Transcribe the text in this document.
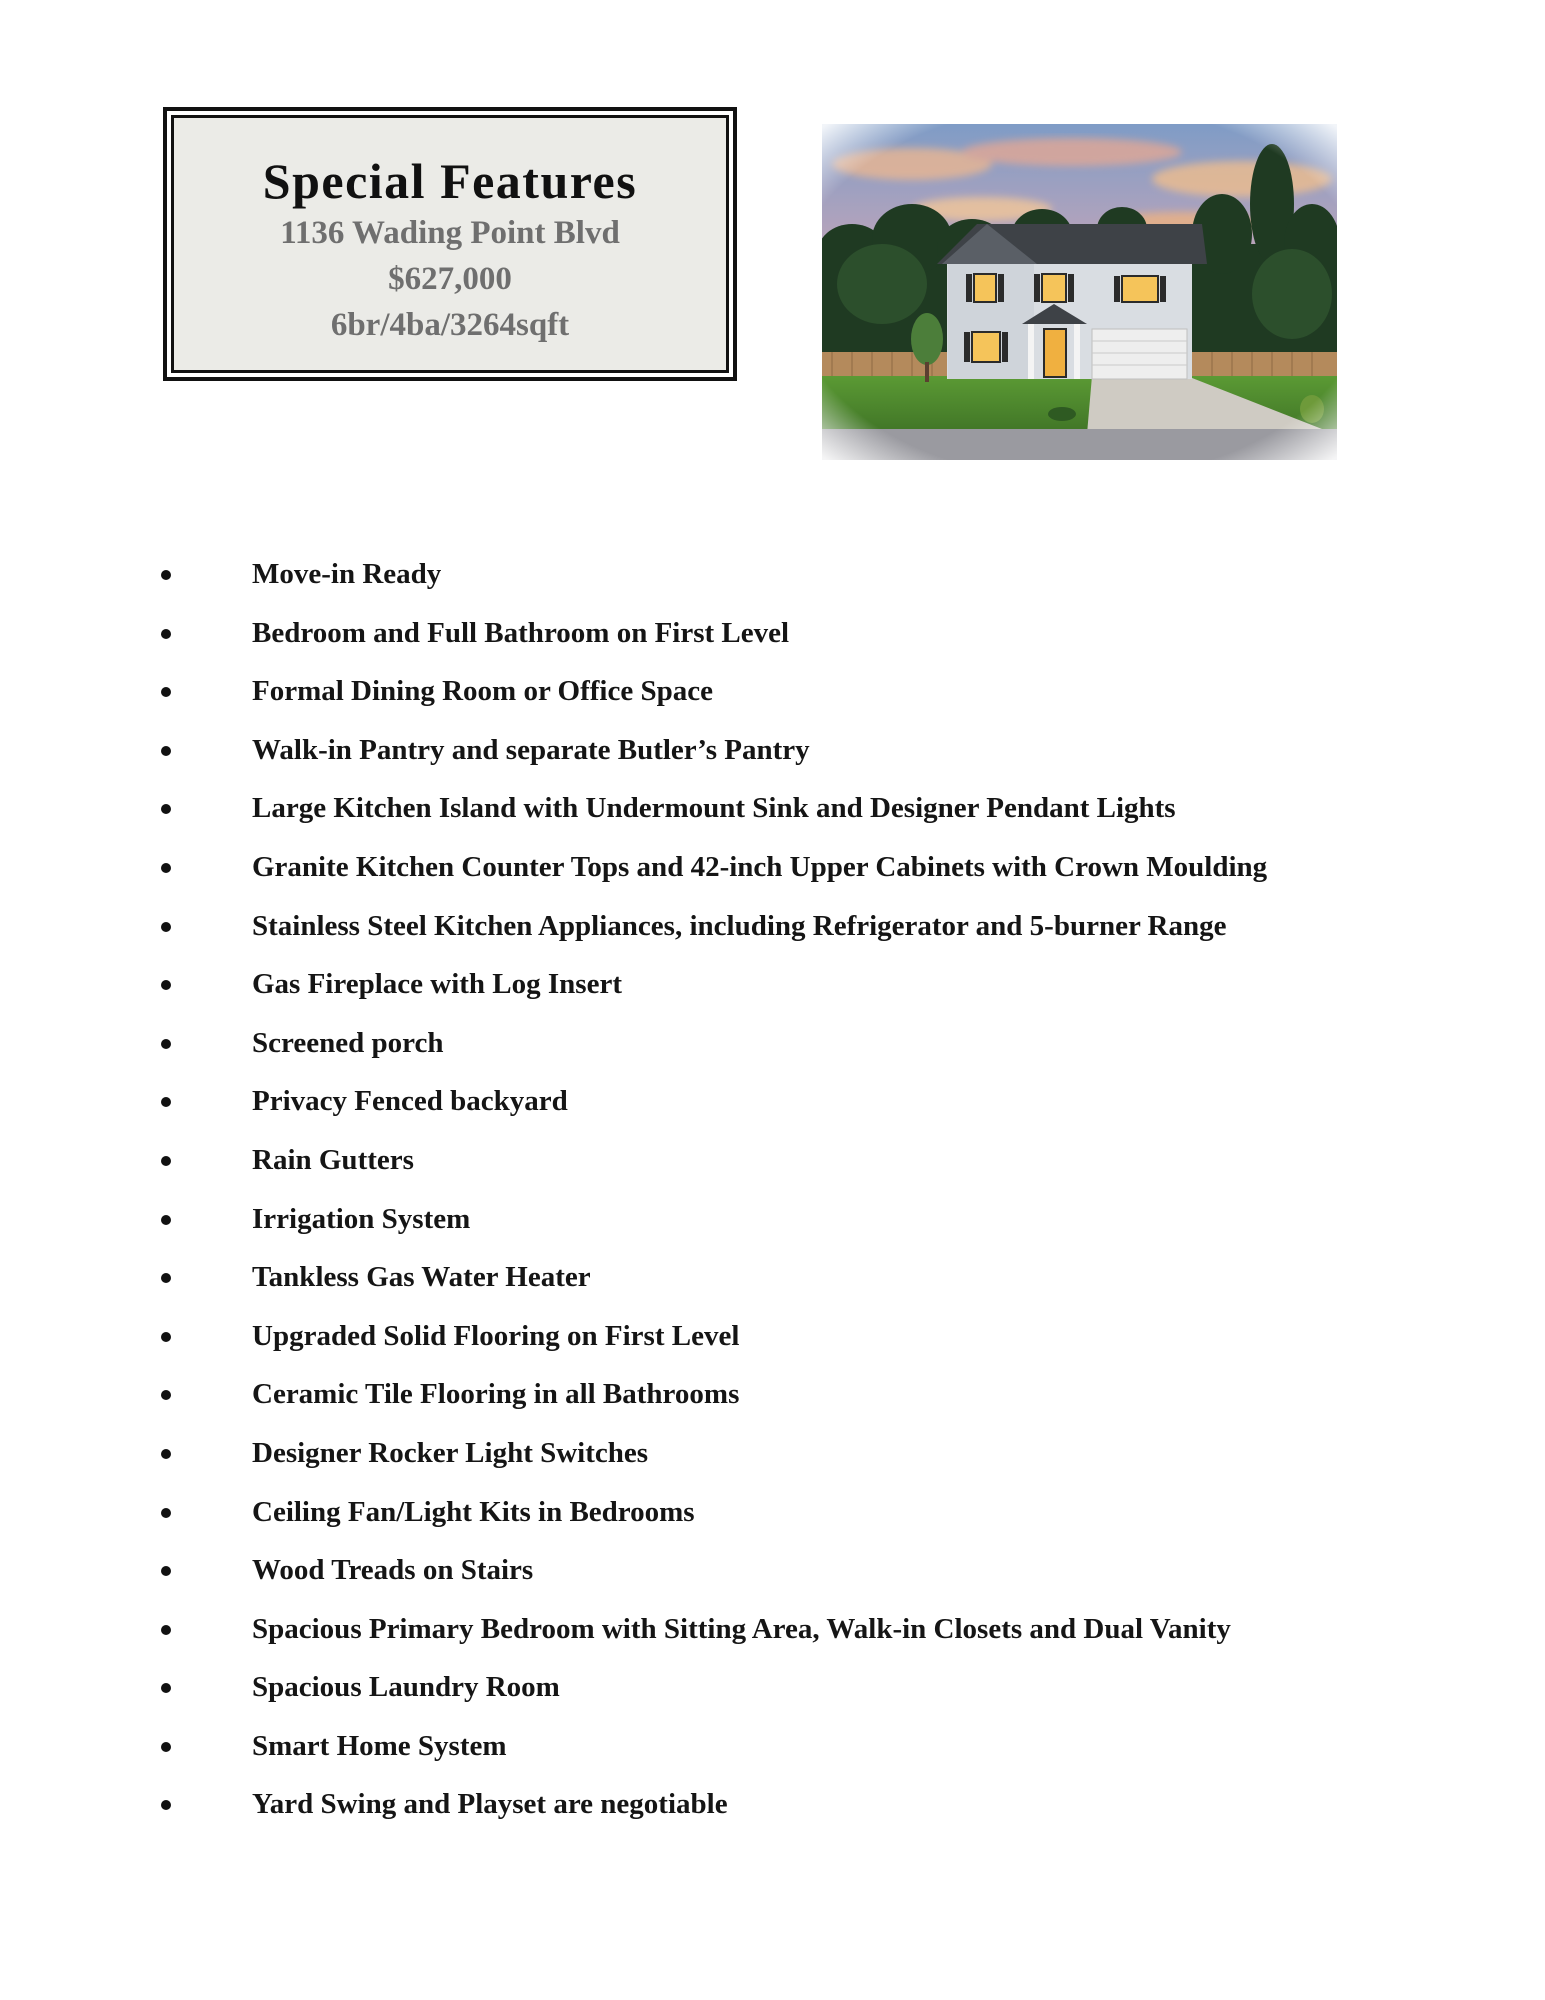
Special Features

1136 Wading Point Blvd

$627,000

6br/4ba/3264sqft

Move-in Ready
Bedroom and Full Bathroom on First Level
Formal Dining Room or Office Space
Walk-in Pantry and separate Butler’s Pantry
Large Kitchen Island with Undermount Sink and Designer Pendant Lights
Granite Kitchen Counter Tops and 42-inch Upper Cabinets with Crown Moulding
Stainless Steel Kitchen Appliances, including Refrigerator and 5-burner Range
Gas Fireplace with Log Insert
Screened porch
Privacy Fenced backyard
Rain Gutters
Irrigation System
Tankless Gas Water Heater
Upgraded Solid Flooring on First Level
Ceramic Tile Flooring in all Bathrooms
Designer Rocker Light Switches
Ceiling Fan/Light Kits in Bedrooms
Wood Treads on Stairs
Spacious Primary Bedroom with Sitting Area, Walk-in Closets and Dual Vanity
Spacious Laundry Room
Smart Home System
Yard Swing and Playset are negotiable
